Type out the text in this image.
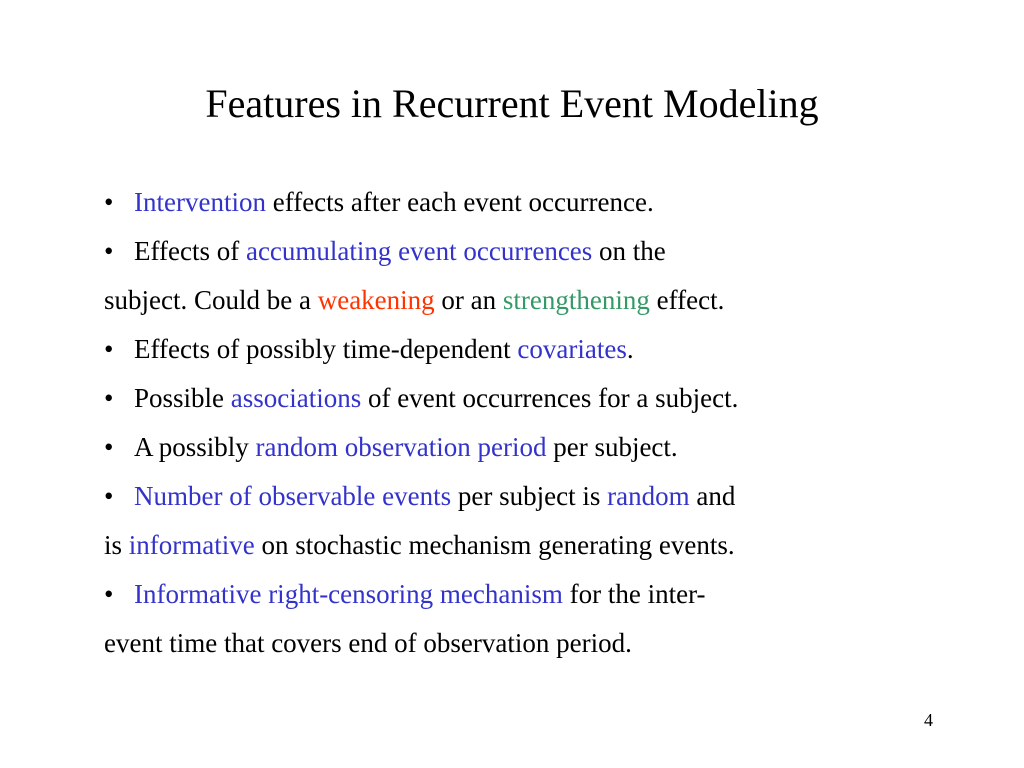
Features in Recurrent Event Modeling
• Intervention effects after each event occurrence.
• Effects of accumulating event occurrences on the
subject. Could be a weakening or an strengthening effect.
• Effects of possibly time-dependent covariates.
• Possible associations of event occurrences for a subject.
• A possibly random observation period per subject.
• Number of observable events per subject is random and
is informative on stochastic mechanism generating events.
• Informative right-censoring mechanism for the inter-
event time that covers end of observation period.
4
